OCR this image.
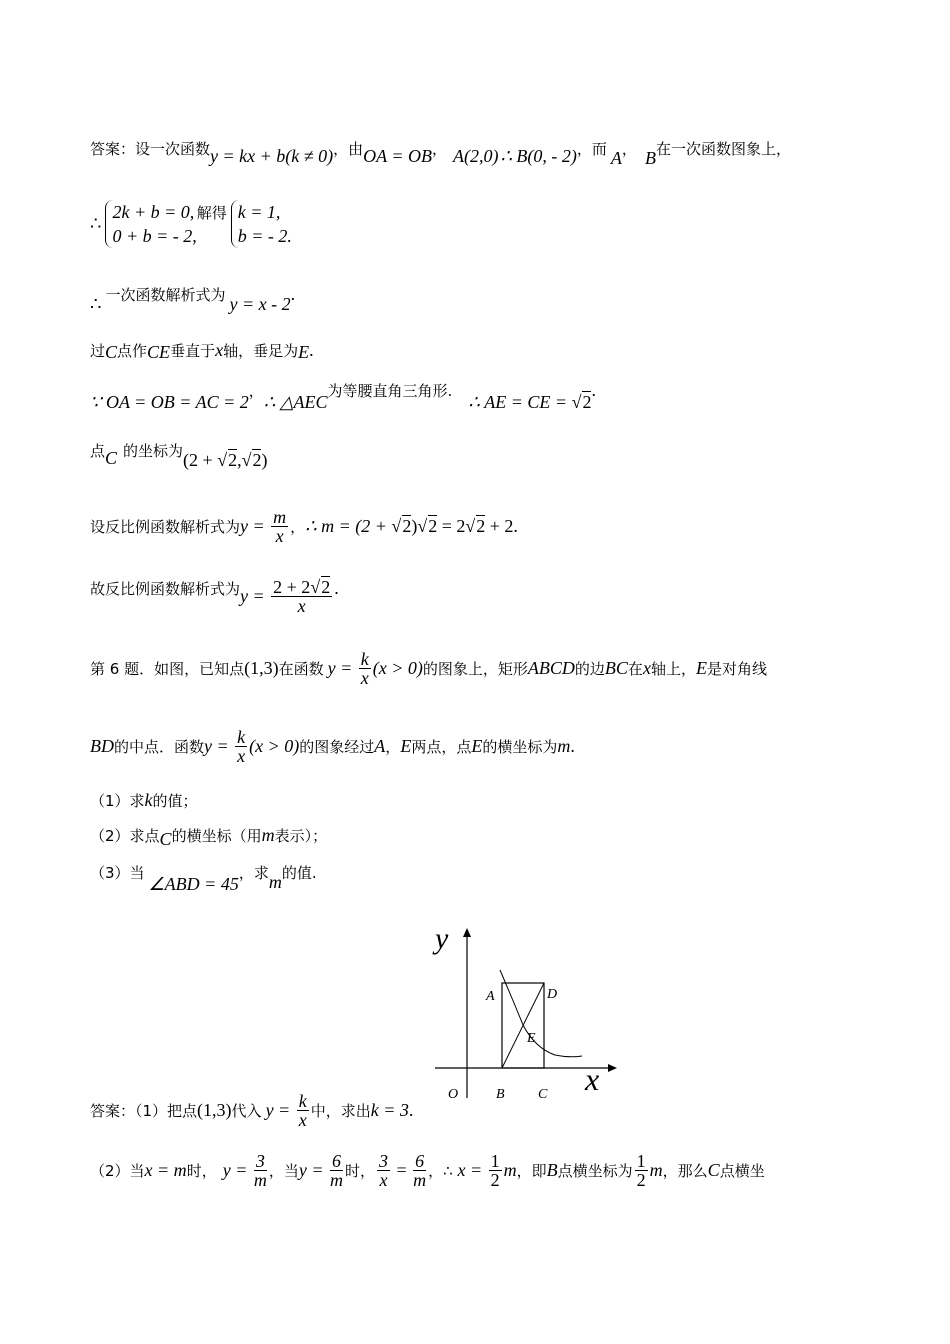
答案：设一次函数y = kx + b(k ≠ 0)，由OA = OB， A(2,0) ∴ B(0, - 2)，而 A， B在一次函数图象上，
∴
2k + b = 0,
0 + b = - 2,
解得 k = 1,
b = - 2.
∴ 一次函数解析式为 y = x - 2.
过C点作CE垂直于x轴，垂足为E.
∵ OA = OB = AC = 2，∴ △AEC为等腰直角三角形.∴ AE = CE = √2.
点C 的坐标为(2 + √2,√2)
设反比例函数解析式为$y = \frac{m}{x}$ ，∴ m = (2 + √2)√2 = 2√2 + 2.
故反比例函数解析式为$y = \frac{2 + 2√2}{x}$ .
第 6 题．如图，已知点(1,3)在函数 $y = \frac{k}{x} (x > 0)$的图象上，矩形ABCD的边BC在x轴上，E是对角线
BD的中点．函数$y = \frac{k}{x} (x > 0)$的图象经过A，E两点，点E的横坐标为m.
（1）求k的值；
（2）求点C的横坐标（用m表示）；
（3）当∠ABD = 45，求m的值.
y
x
O
A
B C
D
E
答案：（1）把点(1,3)代入 $y = \frac{k}{x}$ 中，求出k = 3.
（2）当x = m时， $y = \frac{3}{m}$ ，当$y = \frac{6}{m}$ 时， $\frac{3}{x} = \frac{6}{m}$ ，∴ $x = \frac{1}{2}$ m，即B点横坐标为 $\frac{1}{2}$ m，那么C点横坐
